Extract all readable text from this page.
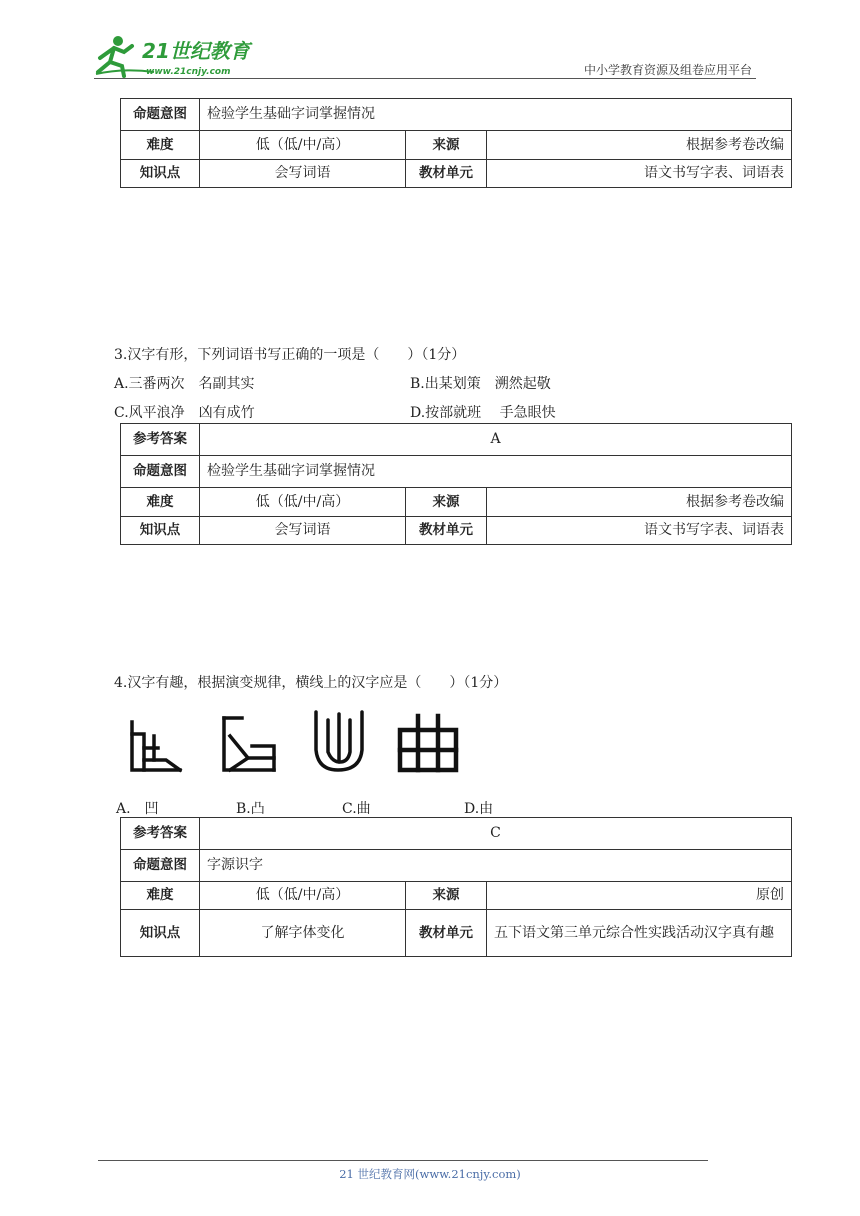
21世纪教育
www.21cnjy.com	中小学教育资源及组卷应用平台
命题意图	检验学生基础字词掌握情况		
难度	低（低/中/高）	来源	根据参考卷改编
知识点	会写词语	教材单元	语文书写字表、词语表
3.汉字有形，下列词语书写正确的一项是（　　）（1分）
A.三番两次　名副其实	B.出某划策　溯然起敬
C.风平浪净　凶有成竹	D.按部就班　 手急眼快
参考答案	A		
命题意图	检验学生基础字词掌握情况		
难度	低（低/中/高）	来源	根据参考卷改编
知识点	会写词语	教材单元	语文书写字表、词语表
4.汉字有趣，根据演变规律，横线上的汉字应是（　　）（1分）
A.　凹	B.凸	C.曲	D.由
参考答案	C		
命题意图	字源识字		
难度	低（低/中/高）	来源	原创
知识点	了解字体变化	教材单元	五下语文第三单元综合性实践活动汉字真有趣
21 世纪教育网(www.21cnjy.com)
